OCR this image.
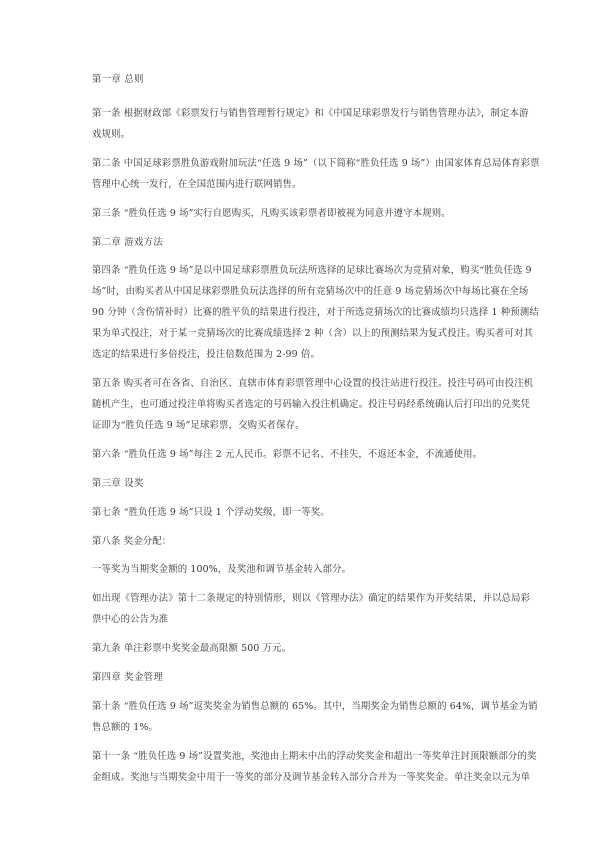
第一章 总则

第一条 根据财政部《彩票发行与销售管理暂行规定》和《中国足球彩票发行与销售管理办法》，制定本游

戏规则。

第二条 中国足球彩票胜负游戏附加玩法“任选 9 场”（以下简称“胜负任选 9 场”）由国家体育总局体育彩票

管理中心统一发行，在全国范围内进行联网销售。

第三条 “胜负任选 9 场”实行自愿购买，凡购买该彩票者即被视为同意并遵守本规则。

第二章 游戏方法

第四条 “胜负任选 9 场”是以中国足球彩票胜负玩法所选择的足球比赛场次为竞猜对象，购买“胜负任选 9

场”时，由购买者从中国足球彩票胜负玩法选择的所有竞猜场次中的任意 9 场竞猜场次中每场比赛在全场

90 分钟（含伤情补时）比赛的胜平负的结果进行投注，对于所选竞猜场次的比赛成绩均只选择 1 种预测结

果为单式投注，对于某一竞猜场次的比赛成绩选择 2 种（含）以上的预测结果为复式投注。购买者可对其

选定的结果进行多倍投注，投注倍数范围为 2-99 倍。

第五条 购买者可在各省、自治区、直辖市体育彩票管理中心设置的投注站进行投注。投注号码可由投注机

随机产生，也可通过投注单将购买者选定的号码输入投注机确定。投注号码经系统确认后打印出的兑奖凭

证即为“胜负任选 9 场”足球彩票，交购买者保存。

第六条 “胜负任选 9 场”每注 2 元人民币。彩票不记名、不挂失，不返还本金，不流通使用。

第三章 设奖

第七条 “胜负任选 9 场”只设 1 个浮动奖级，即一等奖。

第八条 奖金分配：

一等奖为当期奖金额的 100%，及奖池和调节基金转入部分。

如出现《管理办法》第十二条规定的特别情形，则以《管理办法》确定的结果作为开奖结果，并以总局彩

票中心的公告为准

第九条 单注彩票中奖奖金最高限额 500 万元。

第四章 奖金管理

第十条 “胜负任选 9 场”返奖奖金为销售总额的 65%。其中，当期奖金为销售总额的 64%，调节基金为销

售总额的 1%。

第十一条 “胜负任选 9 场”设置奖池，奖池由上期未中出的浮动奖奖金和超出一等奖单注封顶限额部分的奖

金组成。奖池与当期奖金中用于一等奖的部分及调节基金转入部分合并为一等奖奖金。单注奖金以元为单
